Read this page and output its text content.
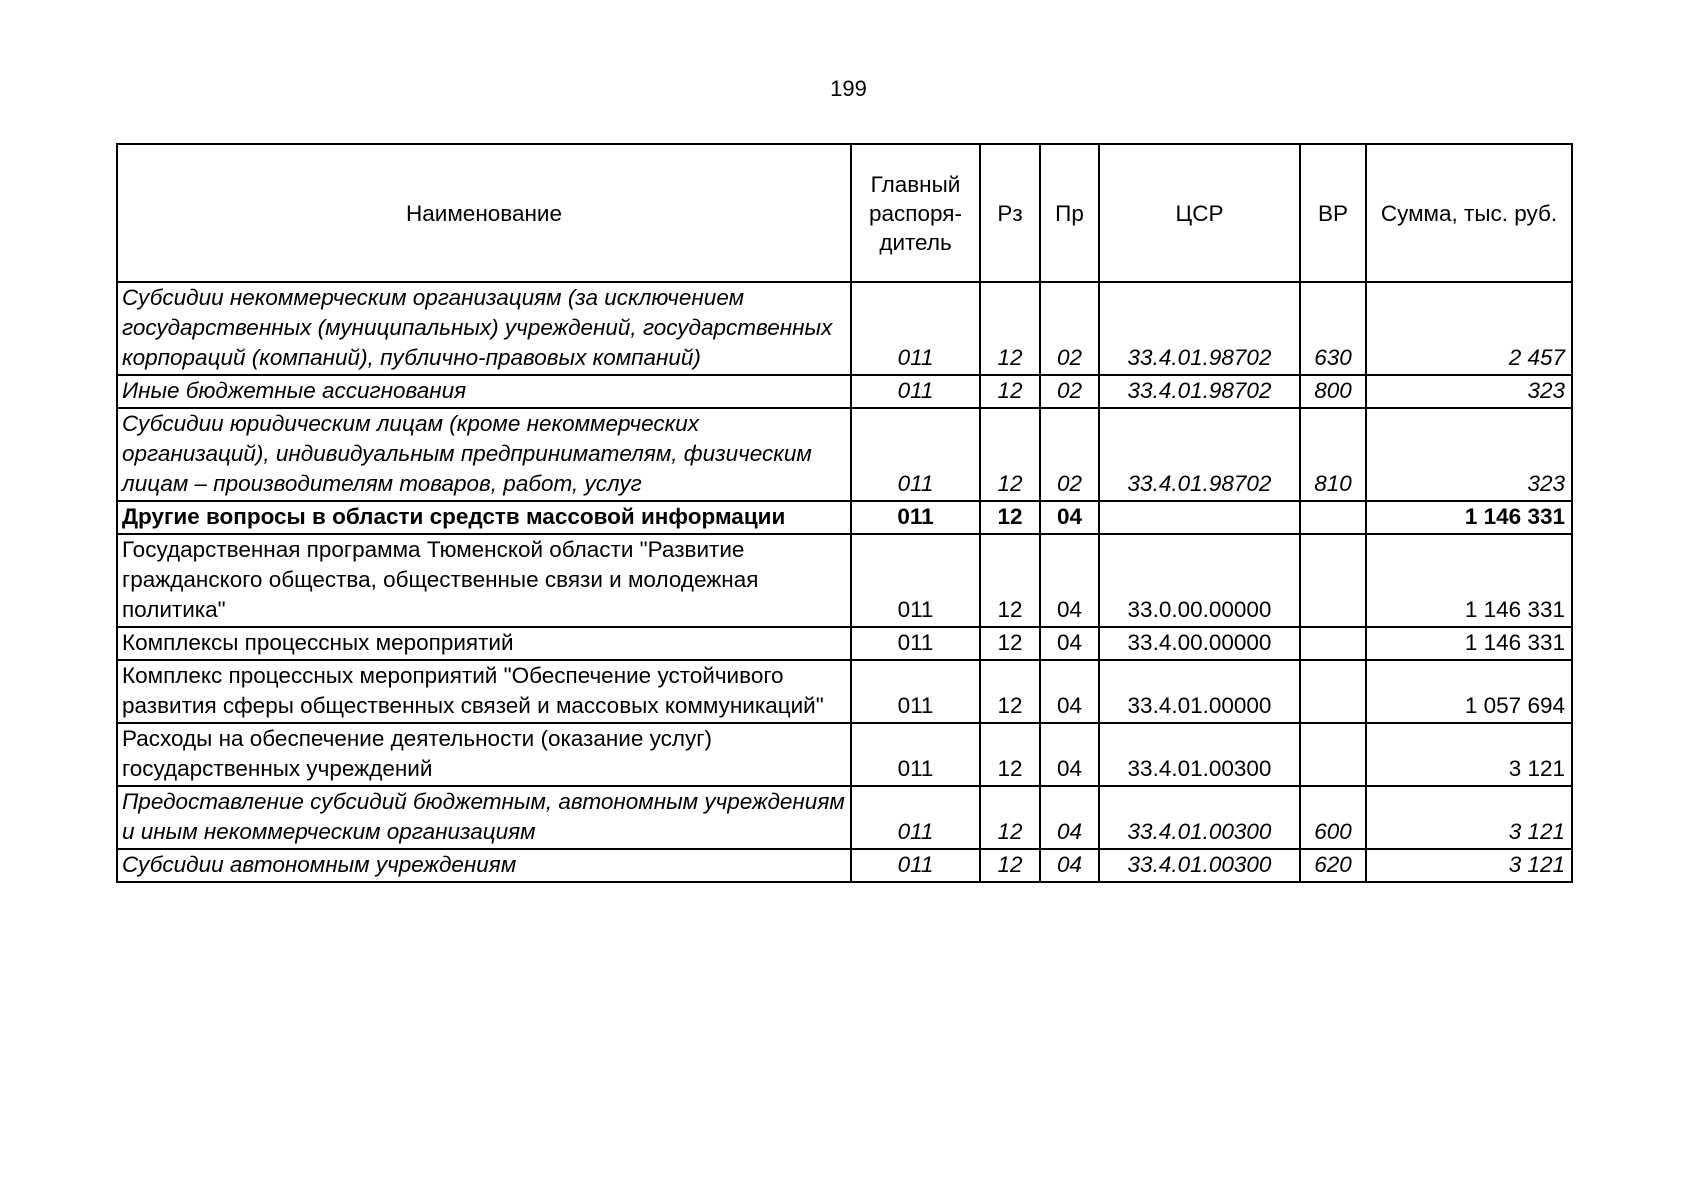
199
Наименование	Главный распоря-дитель	Рз	Пр	ЦСР	ВР	Сумма, тыс. руб.
Субсидии некоммерческим организациям (за исключением государственных (муниципальных) учреждений, государственных корпораций (компаний), публично-правовых компаний)	011	12	02	33.4.01.98702	630	2 457
Иные бюджетные ассигнования	011	12	02	33.4.01.98702	800	323
Субсидии юридическим лицам (кроме некоммерческих организаций), индивидуальным предпринимателям, физическим лицам – производителям товаров, работ, услуг	011	12	02	33.4.01.98702	810	323
Другие вопросы в области средств массовой информации	011	12	04			1 146 331
Государственная программа Тюменской области "Развитие гражданского общества, общественные связи и молодежная политика"	011	12	04	33.0.00.00000		1 146 331
Комплексы процессных мероприятий	011	12	04	33.4.00.00000		1 146 331
Комплекс процессных мероприятий "Обеспечение устойчивого развития сферы общественных связей и массовых коммуникаций"	011	12	04	33.4.01.00000		1 057 694
Расходы на обеспечение деятельности (оказание услуг) государственных учреждений	011	12	04	33.4.01.00300		3 121
Предоставление субсидий бюджетным, автономным учреждениям и иным некоммерческим организациям	011	12	04	33.4.01.00300	600	3 121
Субсидии автономным учреждениям	011	12	04	33.4.01.00300	620	3 121
